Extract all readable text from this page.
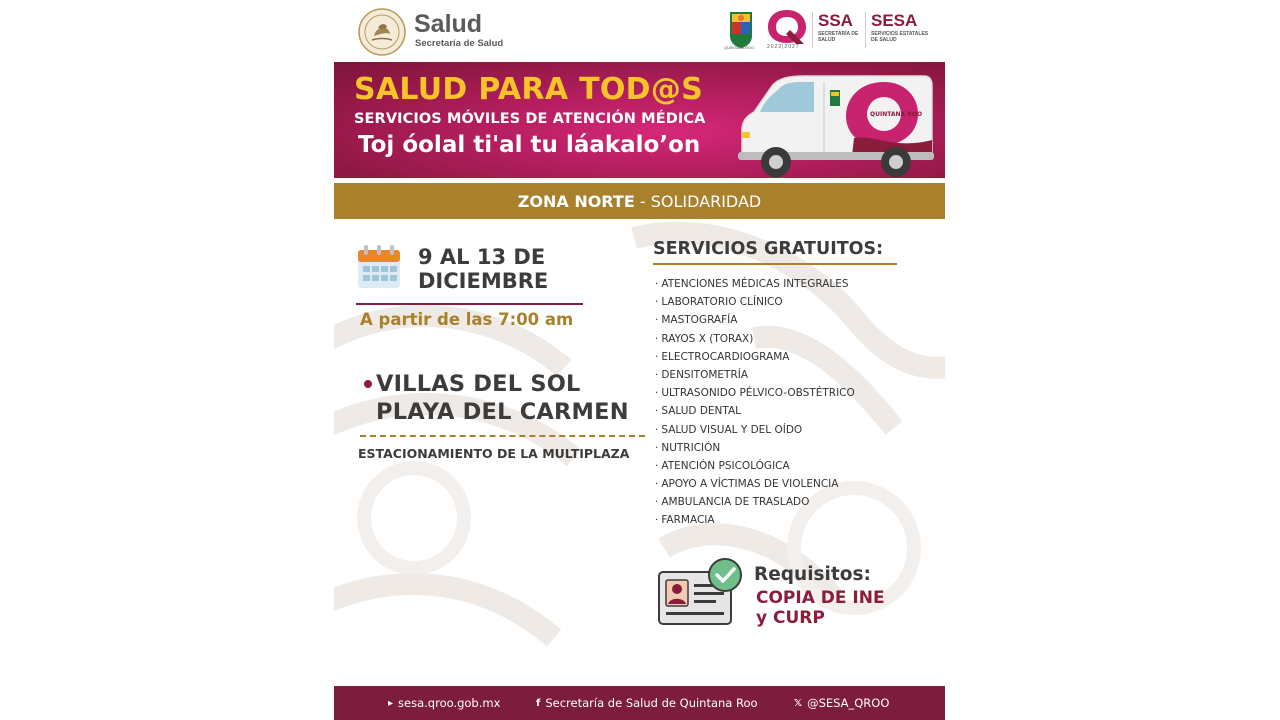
Salud
Secretaría de Salud	QUINTANA ROO	2022|2027
SSA
SECRETARÍA DE SALUD
SESA
SERVICIOS ESTATALES DE SALUD
SALUD PARA TOD@S
SERVICIOS MÓVILES DE ATENCIÓN MÉDICA
Toj óolal ti'al tu láakalo’on
QUINTANA ROO
ZONA NORTE - SOLIDARIDAD
9 AL 13 DE
DICIEMBRE
A partir de las 7:00 am
VILLAS DEL SOL
PLAYA DEL CARMEN
ESTACIONAMIENTO DE LA MULTIPLAZA
SERVICIOS GRATUITOS:
· ATENCIONES MÉDICAS INTEGRALES
· LABORATORIO CLÍNICO
· MASTOGRAFÍA
· RAYOS X (TORAX)
· ELECTROCARDIOGRAMA
· DENSITOMETRÍA
· ULTRASONIDO PÉLVICO-OBSTÉTRICO
· SALUD DENTAL
· SALUD VISUAL Y DEL OÍDO
· NUTRICIÓN
· ATENCIÓN PSICOLÓGICA
· APOYO A VÍCTIMAS DE VIOLENCIA
· AMBULANCIA DE TRASLADO
· FARMACIA
Requisitos:
COPIA DE INE
y CURP
▸ sesa.qroo.gob.mx	f Secretaría de Salud de Quintana Roo	𝕏 @SESA_QROO
